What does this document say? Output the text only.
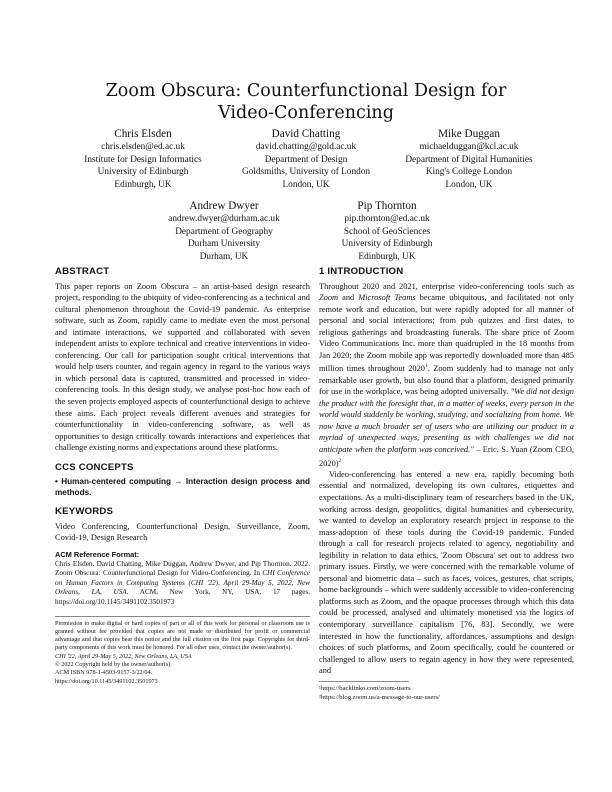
Zoom Obscura: Counterfunctional Design for
Video-Conferencing
Chris Elsden
chris.elsden@ed.ac.uk
Institute for Design Informatics
University of Edinburgh
Edinburgh, UK
David Chatting
david.chatting@gold.ac.uk
Department of Design
Goldsmiths, University of London
London, UK
Mike Duggan
michaelduggan@kcl.ac.uk
Department of Digital Humanities
King's College London
London, UK
Andrew Dwyer
andrew.dwyer@durham.ac.uk
Department of Geography
Durham University
Durham, UK
Pip Thornton
pip.thornton@ed.ac.uk
School of GeoSciences
University of Edinburgh
Edinburgh, UK
ABSTRACT

This paper reports on Zoom Obscura – an artist-based design research project, responding to the ubiquity of video-conferencing as a technical and cultural phenomenon throughout the Covid-19 pandemic. As enterprise software, such as Zoom, rapidly came to mediate even the most personal and intimate interactions, we supported and collaborated with seven independent artists to explore technical and creative interventions in video-conferencing. Our call for participation sought critical interventions that would help users counter, and regain agency in regard to the various ways in which personal data is captured, transmitted and processed in video-conferencing tools. In this design study, we analyse post-hoc how each of the seven projects employed aspects of counterfunctional design to achieve these aims. Each project reveals different avenues and strategies for counterfunctionality in video-conferencing software, as well as opportunities to design critically towards interactions and experiences that challenge existing norms and expectations around these platforms.

CCS CONCEPTS

• Human-centered computing → Interaction design process and methods.

KEYWORDS

Video Conferencing, Counterfunctional Design, Surveillance, Zoom, Covid-19, Design Research

ACM Reference Format:

Chris Elsden, David Chatting, Mike Duggan, Andrew Dwyer, and Pip Thornton. 2022. Zoom Obscura: Counterfunctional Design for Video-Conferencing. In CHI Conference on Human Factors in Computing Systems (CHI '22), April 29-May 5, 2022, New Orleans, LA, USA. ACM, New York, NY, USA, 17 pages. https://doi.org/10.1145/3491102.3501973

Permission to make digital or hard copies of part or all of this work for personal or classroom use is granted without fee provided that copies are not made or distributed for profit or commercial advantage and that copies bear this notice and the full citation on the first page. Copyrights for third-party components of this work must be honored. For all other uses, contact the owner/author(s).

CHI '22, April 29-May 5, 2022, New Orleans, LA, USA
© 2022 Copyright held by the owner/author(s).
ACM ISBN 978-1-4503-9157-3/22/04.
https://doi.org/10.1145/3491102.3501973
1 INTRODUCTION

Throughout 2020 and 2021, enterprise video-conferencing tools such as Zoom and Microsoft Teams became ubiquitous, and facilitated not only remote work and education, but were rapidly adopted for all manner of personal and social interactions; from pub quizzes and first dates, to religious gatherings and broadcasting funerals. The share price of Zoom Video Communications Inc. more than quadrupled in the 18 months from Jan 2020; the Zoom mobile app was reportedly downloaded more than 485 million times throughout 2020$^1$. Zoom suddenly had to manage not only remarkable user growth, but also found that a platform, designed primarily for use in the workplace, was being adopted universally. "We did not design the product with the foresight that, in a matter of weeks, every person in the world would suddenly be working, studying, and socializing from home. We now have a much broader set of users who are utilizing our product in a myriad of unexpected ways, presenting us with challenges we did not anticipate when the platform was conceived." – Eric. S. Yuan (Zoom CEO, 2020)$^2$

Video-conferencing has entered a new era, rapidly becoming both essential and normalized, developing its own cultures, etiquettes and expectations. As a multi-disciplinary team of researchers based in the UK, working across design, geopolitics, digital humanities and cybersecurity, we wanted to develop an exploratory research project in response to the mass-adoption of these tools during the Covid-19 pandemic. Funded through a call for research projects related to agency, negotiability and legibility in relation to data ethics, 'Zoom Obscura' set out to address two primary issues. Firstly, we were concerned with the remarkable volume of personal and biometric data – such as faces, voices, gestures, chat scripts, home backgrounds – which were suddenly accessible to video-conferencing platforms such as Zoom, and the opaque processes through which this data could be processed, analysed and ultimately monetised via the logics of contemporary surveillance capitalism [76, 83]. Secondly, we were interested in how the functionality, affordances, assumptions and design choices of such platforms, and Zoom specifically, could be countered or challenged to allow users to regain agency in how they were represented, and

¹https://backlinko.com/zoom-users
²https://blog.zoom.us/a-message-to-our-users/
